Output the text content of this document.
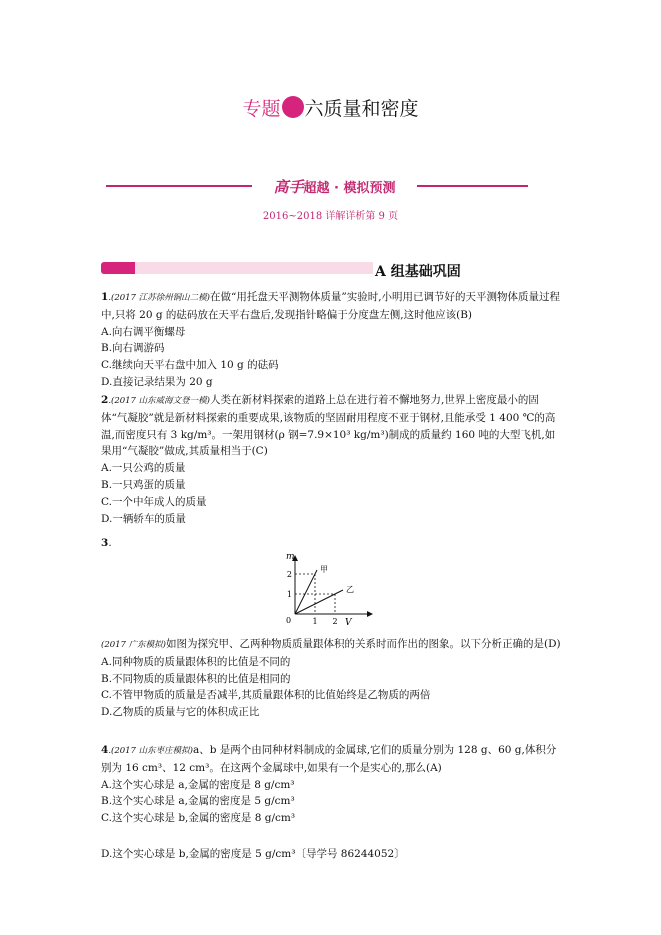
专题 六质量和密度
高手超越 · 模拟预测
2016~2018 详解详析第 9 页
A 组基础巩固

1.(2017 江苏徐州铜山二模)在做“用托盘天平测物体质量”实验时,小明用已调节好的天平测物体质量过程中,只将 20 g 的砝码放在天平右盘后,发现指针略偏于分度盘左侧,这时他应该(B)

A.向右调平衡螺母

B.向右调游码

C.继续向天平右盘中加入 10 g 的砝码

D.直接记录结果为 20 g

2.(2017 山东威海文登一模)人类在新材料探索的道路上总在进行着不懈地努力,世界上密度最小的固体“气凝胶”就是新材料探索的重要成果,该物质的坚固耐用程度不亚于钢材,且能承受 1 400 ℃的高温,而密度只有 3 kg/m³。一架用钢材(ρ 钢=7.9×10³ kg/m³)制成的质量约 160 吨的大型飞机,如果用“气凝胶”做成,其质量相当于(C)

A.一只公鸡的质量

B.一只鸡蛋的质量

C.一个中年成人的质量

D.一辆轿车的质量

3.

m
V
0	1 2
1
2
甲
乙

(2017 广东模拟)如图为探究甲、乙两种物质质量跟体积的关系时而作出的图象。以下分析正确的是(D)

A.同种物质的质量跟体积的比值是不同的

B.不同物质的质量跟体积的比值是相同的

C.不管甲物质的质量是否减半,其质量跟体积的比值始终是乙物质的两倍

D.乙物质的质量与它的体积成正比

4.(2017 山东枣庄模拟)a、b 是两个由同种材料制成的金属球,它们的质量分别为 128 g、60 g,体积分别为 16 cm³、12 cm³。在这两个金属球中,如果有一个是实心的,那么(A)

A.这个实心球是 a,金属的密度是 8 g/cm³

B.这个实心球是 a,金属的密度是 5 g/cm³

C.这个实心球是 b,金属的密度是 8 g/cm³

D.这个实心球是 b,金属的密度是 5 g/cm³〔导学号 86244052〕
